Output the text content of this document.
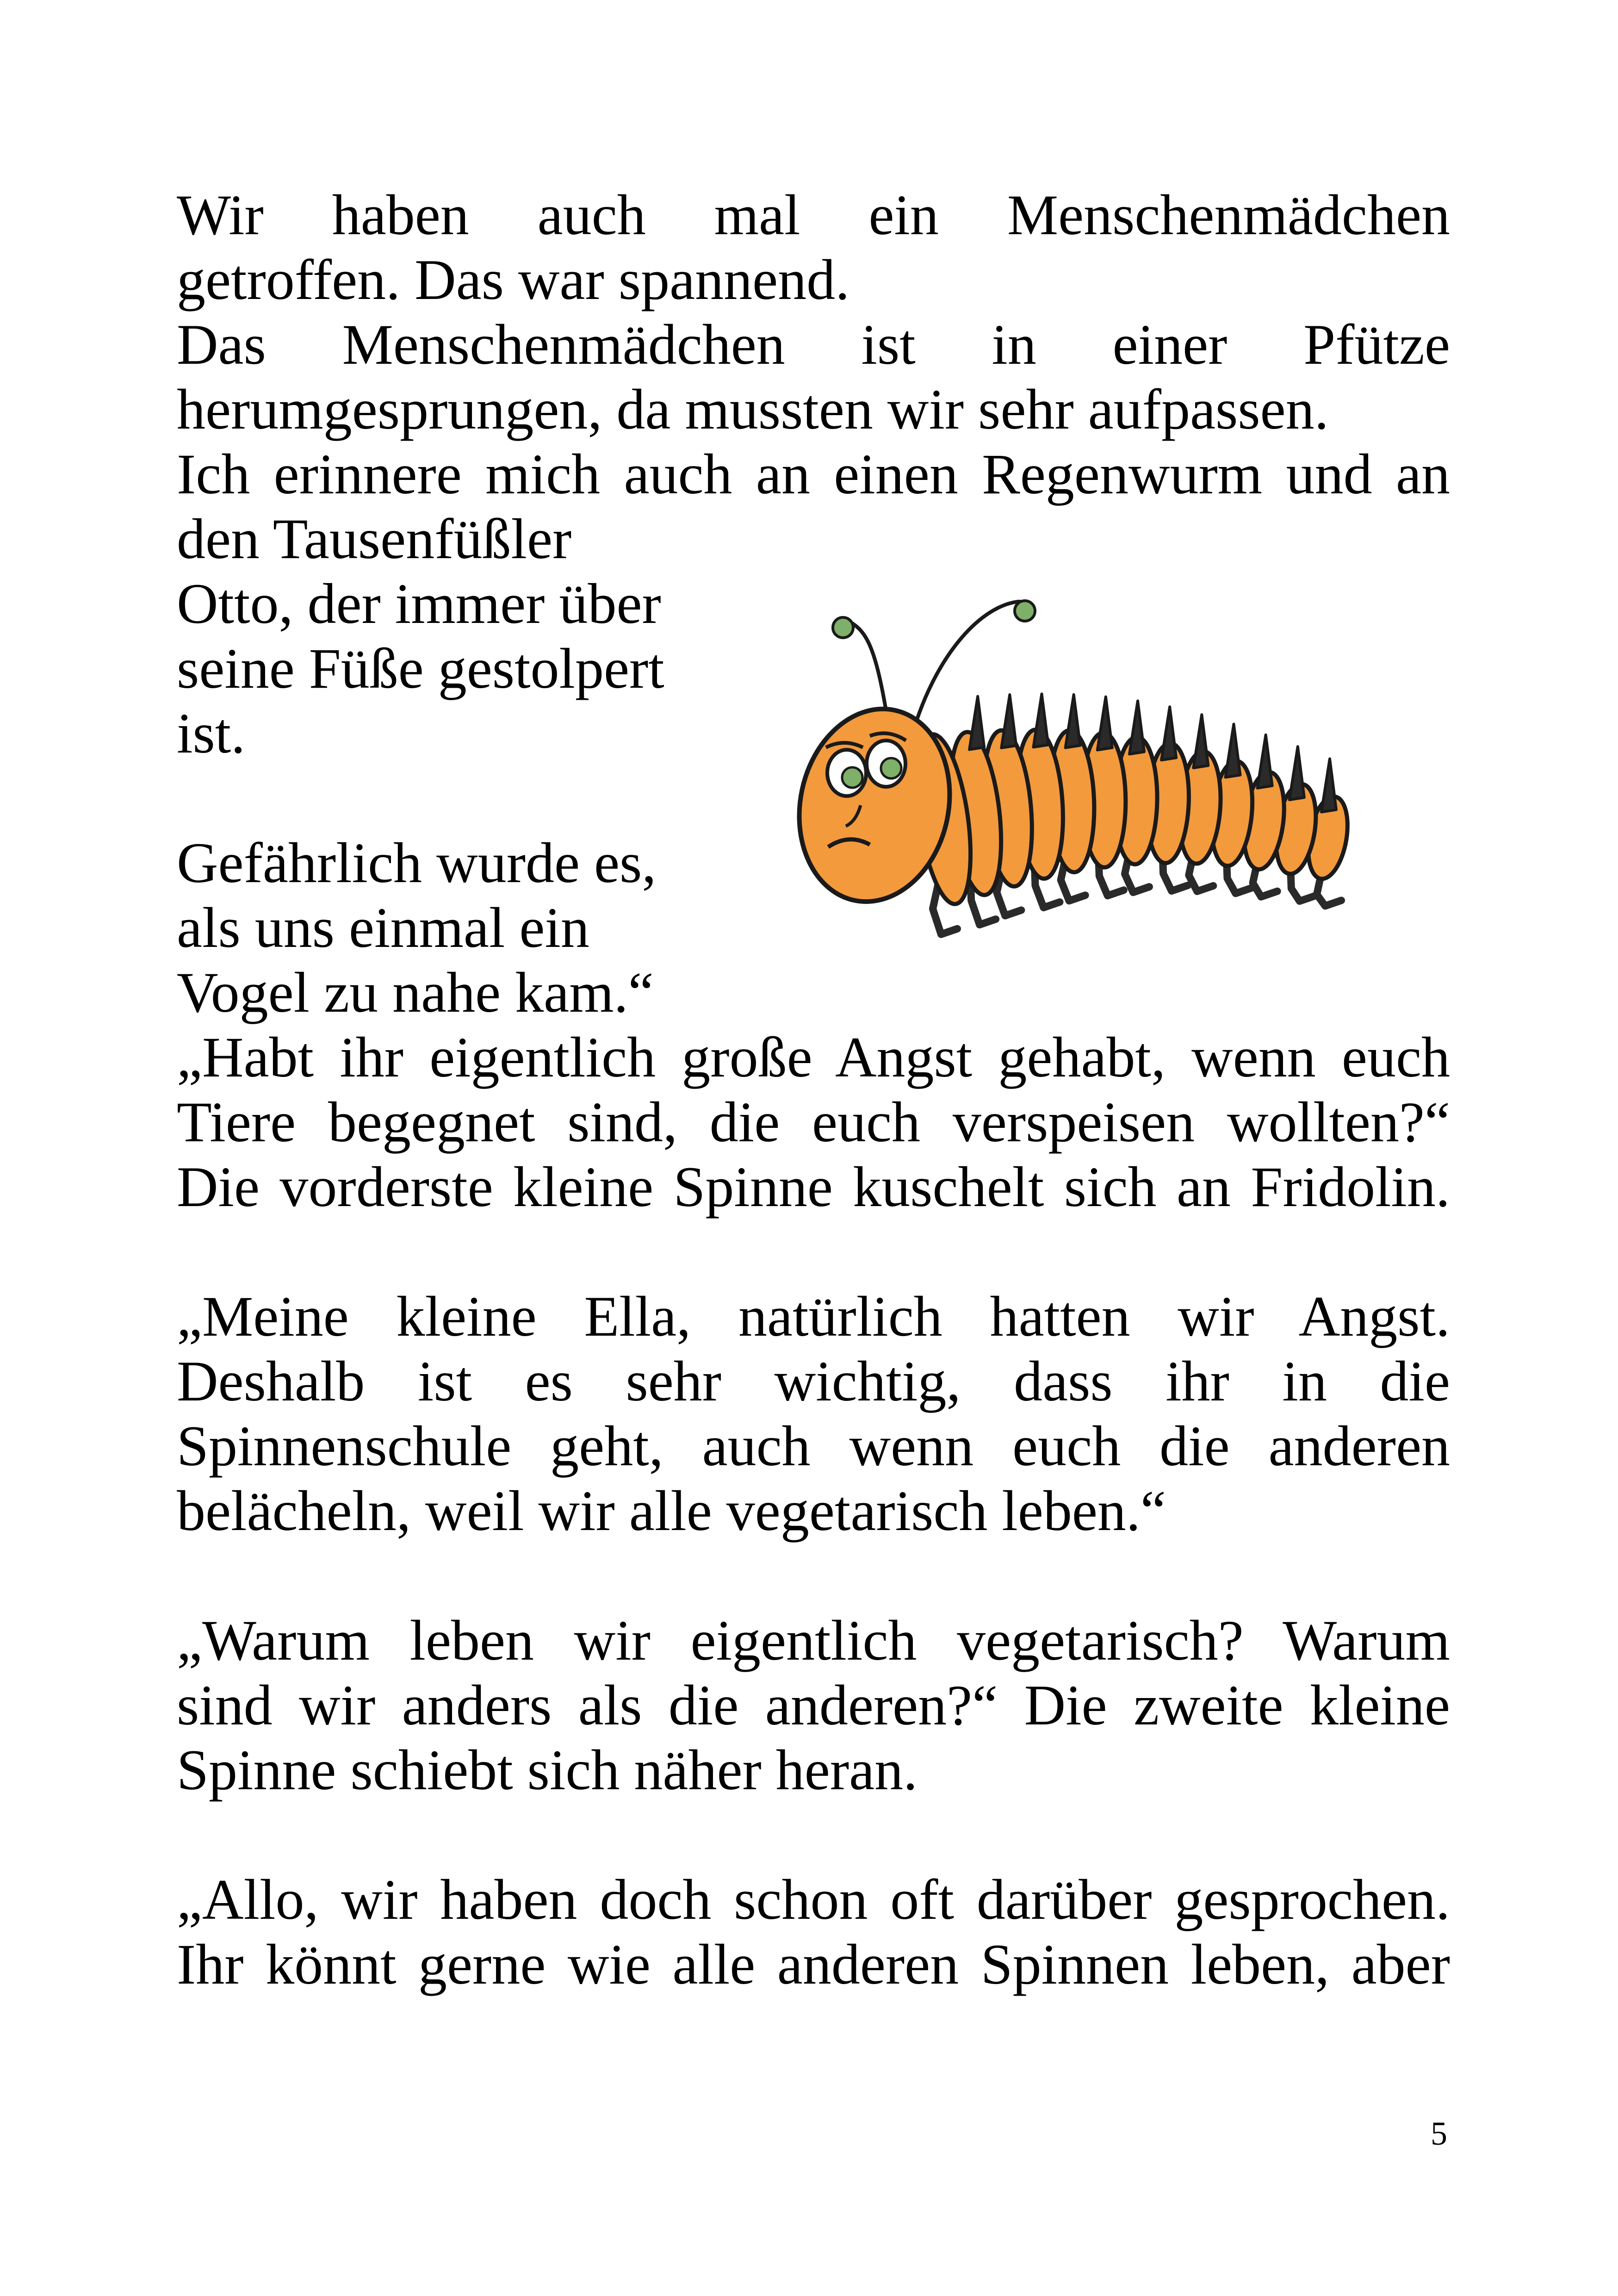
Wir haben auch mal ein Menschenmädchen
getroffen. Das war spannend.
Das Menschenmädchen ist in einer Pfütze
herumgesprungen, da mussten wir sehr aufpassen.
Ich erinnere mich auch an einen Regenwurm und an
den Tausenfüßler
Otto, der immer über
seine Füße gestolpert
ist.
Gefährlich wurde es,
als uns einmal ein
Vogel zu nahe kam.“
„Habt ihr eigentlich große Angst gehabt, wenn euch
Tiere begegnet sind, die euch verspeisen wollten?“
Die vorderste kleine Spinne kuschelt sich an Fridolin.
„Meine kleine Ella, natürlich hatten wir Angst.
Deshalb ist es sehr wichtig, dass ihr in die
Spinnenschule geht, auch wenn euch die anderen
belächeln, weil wir alle vegetarisch leben.“
„Warum leben wir eigentlich vegetarisch? Warum
sind wir anders als die anderen?“ Die zweite kleine
Spinne schiebt sich näher heran.
„Allo, wir haben doch schon oft darüber gesprochen.
Ihr könnt gerne wie alle anderen Spinnen leben, aber
5
